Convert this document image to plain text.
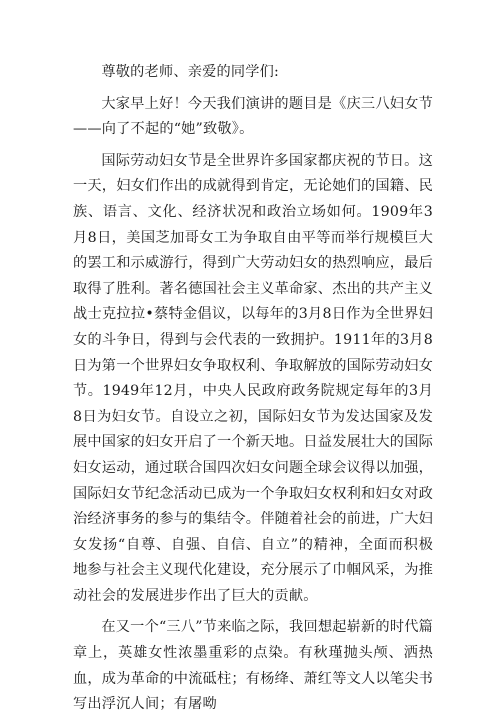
尊敬的老师、亲爱的同学们:

大家早上好！今天我们演讲的题目是《庆三八妇女节——向了不起的“她”致敬》。

国际劳动妇女节是全世界许多国家都庆祝的节日。这一天，妇女们作出的成就得到肯定，无论她们的国籍、民族、语言、文化、经济状况和政治立场如何。1909年3月8日，美国芝加哥女工为争取自由平等而举行规模巨大的罢工和示威游行，得到广大劳动妇女的热烈响应，最后取得了胜利。著名德国社会主义革命家、杰出的共产主义战士克拉拉•蔡特金倡议，以每年的3月8日作为全世界妇女的斗争日，得到与会代表的一致拥护。1911年的3月8日为第一个世界妇女争取权利、争取解放的国际劳动妇女节。1949年12月，中央人民政府政务院规定每年的3月8日为妇女节。自设立之初，国际妇女节为发达国家及发展中国家的妇女开启了一个新天地。日益发展壮大的国际妇女运动，通过联合国四次妇女问题全球会议得以加强，国际妇女节纪念活动已成为一个争取妇女权利和妇女对政治经济事务的参与的集结令。伴随着社会的前进，广大妇女发扬“自尊、自强、自信、自立”的精神，全面而积极地参与社会主义现代化建设，充分展示了巾帼风采，为推动社会的发展进步作出了巨大的贡献。

在又一个“三八”节来临之际，我回想起崭新的时代篇章上，英雄女性浓墨重彩的点染。有秋瑾抛头颅、洒热血，成为革命的中流砥柱；有杨绛、萧红等文人以笔尖书写出浮沉人间；有屠呦
